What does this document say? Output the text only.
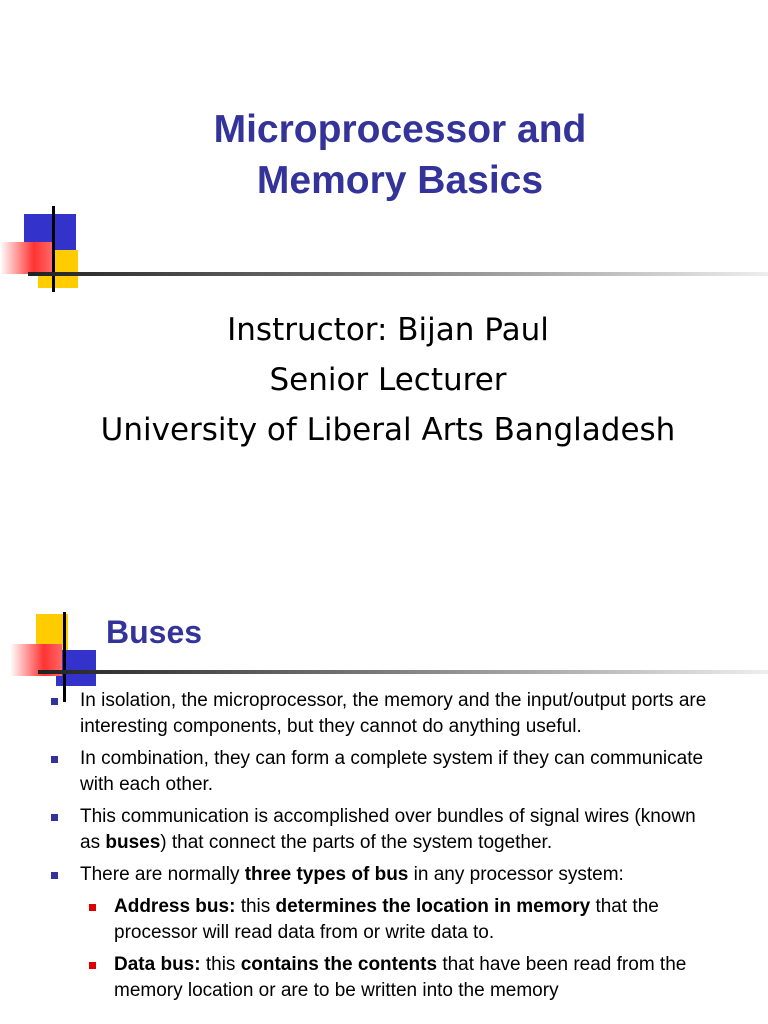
Microprocessor and
Memory Basics
Instructor: Bijan Paul
Senior Lecturer
University of Liberal Arts Bangladesh
Buses
In isolation, the microprocessor, the memory and the input/output ports are interesting components, but they cannot do anything useful.
In combination, they can form a complete system if they can communicate with each other.
This communication is accomplished over bundles of signal wires (known as buses) that connect the parts of the system together.
There are normally three types of bus in any processor system:
Address bus: this determines the location in memory that the processor will read data from or write data to.
Data bus: this contains the contents that have been read from the memory location or are to be written into the memory
